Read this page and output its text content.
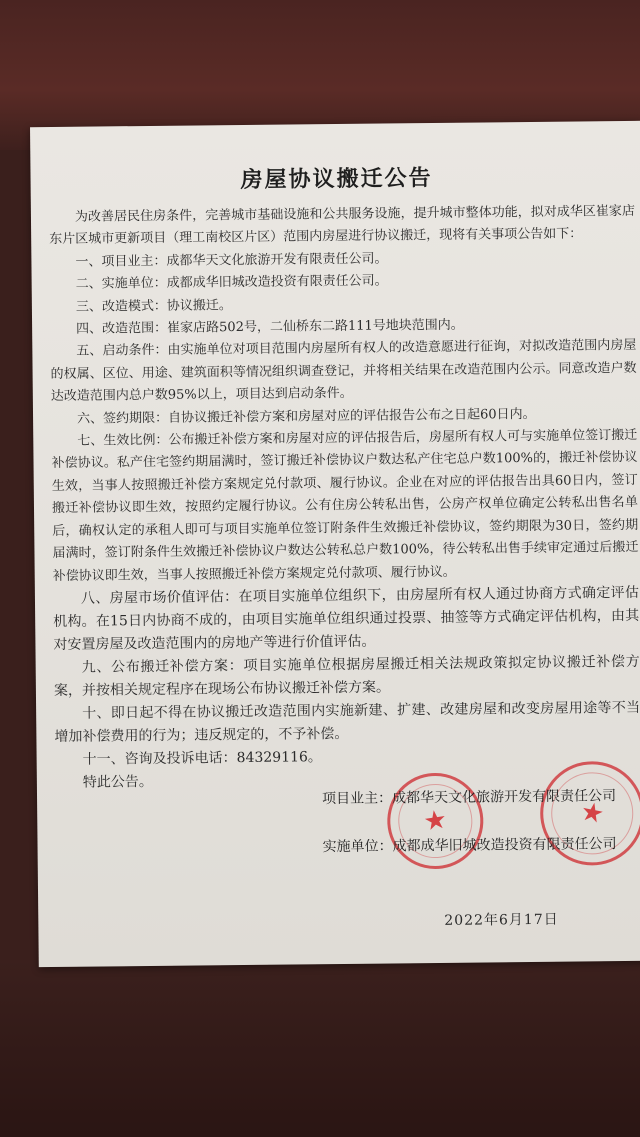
房屋协议搬迁公告

为改善居民住房条件，完善城市基础设施和公共服务设施，提升城市整体功能，拟对成华区崔家店东片区城市更新项目（理工南校区片区）范围内房屋进行协议搬迁，现将有关事项公告如下：

一、项目业主：成都华天文化旅游开发有限责任公司。

二、实施单位：成都成华旧城改造投资有限责任公司。

三、改造模式：协议搬迁。

四、改造范围：崔家店路502号，二仙桥东二路111号地块范围内。

五、启动条件：由实施单位对项目范围内房屋所有权人的改造意愿进行征询，对拟改造范围内房屋的权属、区位、用途、建筑面积等情况组织调查登记，并将相关结果在改造范围内公示。同意改造户数达改造范围内总户数95%以上，项目达到启动条件。

六、签约期限：自协议搬迁补偿方案和房屋对应的评估报告公布之日起60日内。

七、生效比例：公布搬迁补偿方案和房屋对应的评估报告后，房屋所有权人可与实施单位签订搬迁补偿协议。私产住宅签约期届满时，签订搬迁补偿协议户数达私产住宅总户数100%的，搬迁补偿协议生效，当事人按照搬迁补偿方案规定兑付款项、履行协议。企业在对应的评估报告出具60日内，签订搬迁补偿协议即生效，按照约定履行协议。公有住房公转私出售，公房产权单位确定公转私出售名单后，确权认定的承租人即可与项目实施单位签订附条件生效搬迁补偿协议，签约期限为30日，签约期届满时，签订附条件生效搬迁补偿协议户数达公转私总户数100%，待公转私出售手续审定通过后搬迁补偿协议即生效，当事人按照搬迁补偿方案规定兑付款项、履行协议。

八、房屋市场价值评估：在项目实施单位组织下，由房屋所有权人通过协商方式确定评估机构。在15日内协商不成的，由项目实施单位组织通过投票、抽签等方式确定评估机构，由其对安置房屋及改造范围内的房地产等进行价值评估。

九、公布搬迁补偿方案：项目实施单位根据房屋搬迁相关法规政策拟定协议搬迁补偿方案，并按相关规定程序在现场公布协议搬迁补偿方案。

十、即日起不得在协议搬迁改造范围内实施新建、扩建、改建房屋和改变房屋用途等不当增加补偿费用的行为；违反规定的，不予补偿。

十一、咨询及投诉电话：84329116。

特此公告。

★	★
项目业主：成都华天文化旅游开发有限责任公司
实施单位：成都成华旧城改造投资有限责任公司
2022年6月17日
